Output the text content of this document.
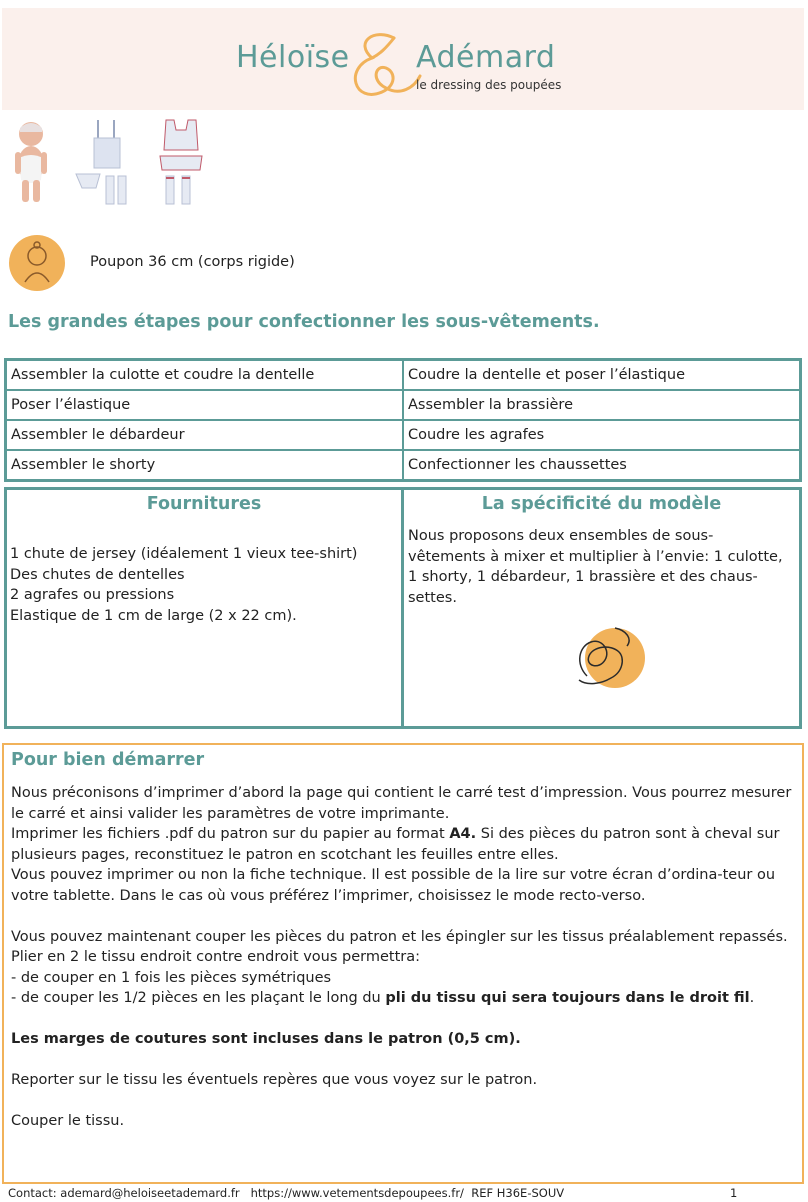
Héloïse Adémard
le dressing des poupées
Poupon 36 cm (corps rigide)
Les grandes étapes pour confectionner les sous-vêtements.
Assembler la culotte et coudre la dentelle	Coudre la dentelle et poser l’élastique
Poser l’élastique	Assembler la brassière
Assembler le débardeur	Coudre les agrafes
Assembler le shorty	Confectionner les chaussettes
Fournitures	La spécificité du modèle
1 chute de jersey (idéalement 1 vieux tee-shirt)
Des chutes de dentelles
2 agrafes ou pressions
Elastique de 1 cm de large (2 x 22 cm).
Nous proposons deux ensembles de sous-
vêtements à mixer et multiplier à l’envie: 1 culotte,
1 shorty, 1 débardeur, 1 brassière et des chaus-
settes.
Pour bien démarrer

Nous préconisons d’imprimer d’abord la page qui contient le carré test d’impression. Vous pourrez mesurer le carré et ainsi valider les paramètres de votre imprimante.

Imprimer les fichiers .pdf du patron sur du papier au format A4. Si des pièces du patron sont à cheval sur plusieurs pages, reconstituez le patron en scotchant les feuilles entre elles.

Vous pouvez imprimer ou non la fiche technique. Il est possible de la lire sur votre écran d’ordina-teur ou votre tablette. Dans le cas où vous préférez l’imprimer, choisissez le mode recto-verso.

Vous pouvez maintenant couper les pièces du patron et les épingler sur les tissus préalablement repassés.

Plier en 2 le tissu endroit contre endroit vous permettra:

- de couper en 1 fois les pièces symétriques

- de couper les 1/2 pièces en les plaçant le long du pli du tissu qui sera toujours dans le droit fil.

Les marges de coutures sont incluses dans le patron (0,5 cm).

Reporter sur le tissu les éventuels repères que vous voyez sur le patron.

Couper le tissu.

Contact: ademard@heloiseetademard.fr https://www.vetementsdepoupees.fr/ REF H36E-SOUV	1
